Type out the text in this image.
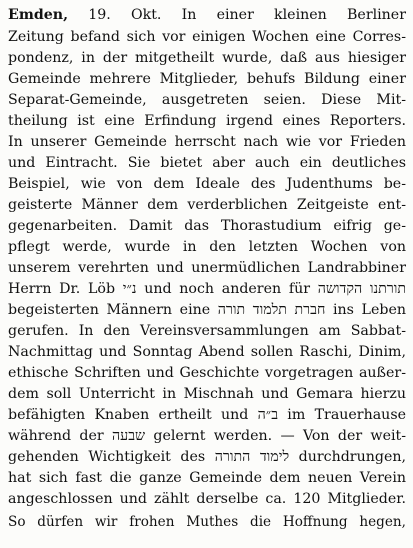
Emden, 19. Okt. In einer kleinen Berliner
Zeitung befand sich vor einigen Wochen eine Corres-
pondenz, in der mitgetheilt wurde, daß aus hiesiger
Gemeinde mehrere Mitglieder, behufs Bildung einer
Separat-Gemeinde, ausgetreten seien. Diese Mit-
theilung ist eine Erfindung irgend eines Reporters.
In unserer Gemeinde herrscht nach wie vor Frieden
und Eintracht. Sie bietet aber auch ein deutliches
Beispiel, wie von dem Ideale des Judenthums be-
geisterte Männer dem verderblichen Zeitgeiste ent-
gegenarbeiten. Damit das Thorastudium eifrig ge-
pflegt werde, wurde in den letzten Wochen von
unserem verehrten und unermüdlichen Landrabbiner
Herrn Dr. Löb נ״י und noch anderen für תורתנו הקדושה
begeisterten Männern eine חברת תלמוד תורה ins Leben
gerufen. In den Vereinsversammlungen am Sabbat-
Nachmittag und Sonntag Abend sollen Raschi, Dinim,
ethische Schriften und Geschichte vorgetragen außer-
dem soll Unterricht in Mischnah und Gemara hierzu
befähigten Knaben ertheilt und ב״ה im Trauerhause
während der שבעה gelernt werden. — Von der weit-
gehenden Wichtigkeit des לימוד התורה durchdrungen,
hat sich fast die ganze Gemeinde dem neuen Verein
angeschlossen und zählt derselbe ca. 120 Mitglieder.
So dürfen wir frohen Muthes die Hoffnung hegen,
